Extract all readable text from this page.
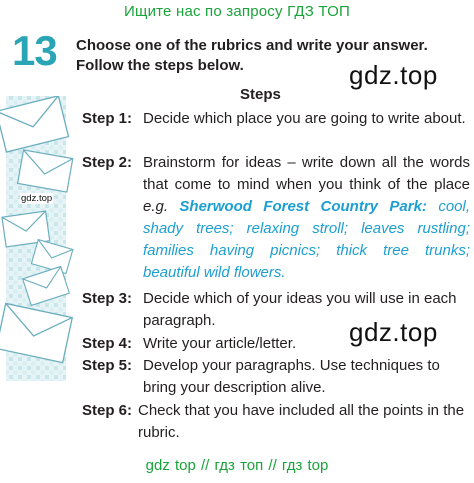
Ищите нас по запросу ГДЗ ТОП
13 Choose one of the rubrics and write your answer.
Follow the steps below.	gdz.top
gdz.top
gdz.top
Steps
Step 1: Decide which place you are going to write about.
Step 2: Brainstorm for ideas – write down all the words that come to mind when you think of the place e.g. Sherwood Forest Country Park: cool, shady trees; relaxing stroll; leaves rustling; families having picnics; thick tree trunks; beautiful wild flowers.
Step 3: Decide which of your ideas you will use in each paragraph.
Step 4: Write your article/letter.
Step 5: Develop your paragraphs. Use techniques to bring your description alive.
Step 6: Check that you have included all the points in the rubric.
gdz top // гдз топ // гдз top
